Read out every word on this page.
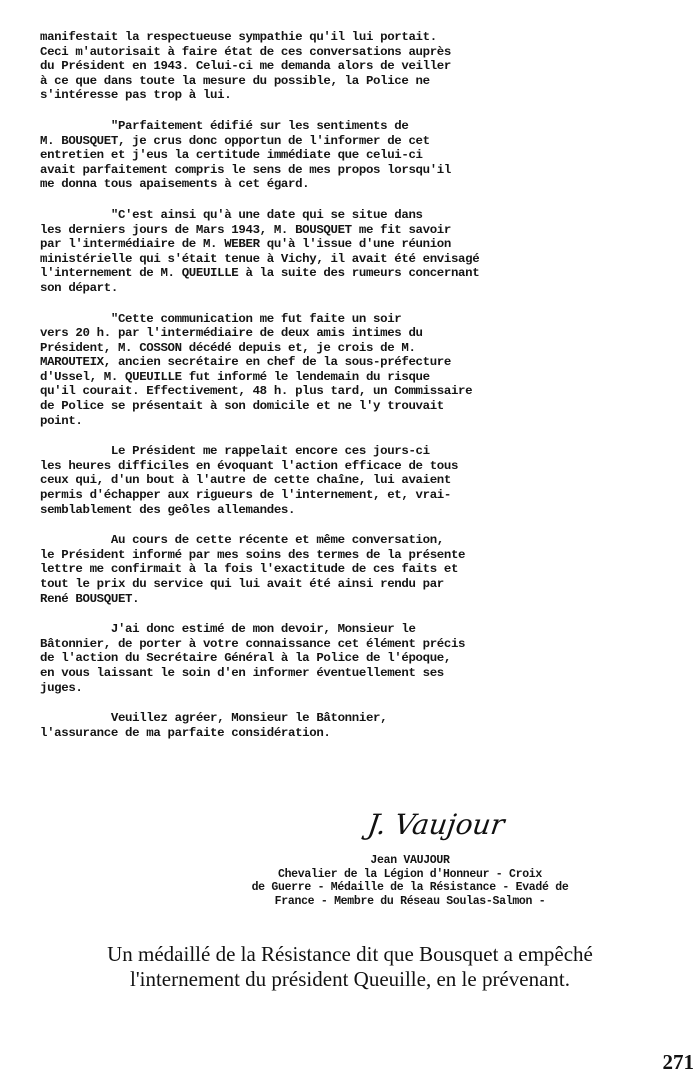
manifestait la respectueuse sympathie qu'il lui portait.

Ceci m'autorisait à faire état de ces conversations auprès

du Président en 1943. Celui-ci me demanda alors de veiller

à ce que dans toute la mesure du possible, la Police ne

s'intéresse pas trop à lui.

"Parfaitement édifié sur les sentiments de

M. BOUSQUET, je crus donc opportun de l'informer de cet

entretien et j'eus la certitude immédiate que celui-ci

avait parfaitement compris le sens de mes propos lorsqu'il

me donna tous apaisements à cet égard.

"C'est ainsi qu'à une date qui se situe dans

les derniers jours de Mars 1943, M. BOUSQUET me fit savoir

par l'intermédiaire de M. WEBER qu'à l'issue d'une réunion

ministérielle qui s'était tenue à Vichy, il avait été envisagé

l'internement de M. QUEUILLE à la suite des rumeurs concernant

son départ.

"Cette communication me fut faite un soir

vers 20 h. par l'intermédiaire de deux amis intimes du

Président, M. COSSON décédé depuis et, je crois de M.

MAROUTEIX, ancien secrétaire en chef de la sous-préfecture

d'Ussel, M. QUEUILLE fut informé le lendemain du risque

qu'il courait. Effectivement, 48 h. plus tard, un Commissaire

de Police se présentait à son domicile et ne l'y trouvait

point.

Le Président me rappelait encore ces jours-ci

les heures difficiles en évoquant l'action efficace de tous

ceux qui, d'un bout à l'autre de cette chaîne, lui avaient

permis d'échapper aux rigueurs de l'internement, et, vrai-

semblablement des geôles allemandes.

Au cours de cette récente et même conversation,

le Président informé par mes soins des termes de la présente

lettre me confirmait à la fois l'exactitude de ces faits et

tout le prix du service qui lui avait été ainsi rendu par

René BOUSQUET.

J'ai donc estimé de mon devoir, Monsieur le

Bâtonnier, de porter à votre connaissance cet élément précis

de l'action du Secrétaire Général à la Police de l'époque,

en vous laissant le soin d'en informer éventuellement ses

juges.

Veuillez agréer, Monsieur le Bâtonnier,

l'assurance de ma parfaite considération.

J. Vaujour
Jean VAUJOUR
Chevalier de la Légion d'Honneur - Croix
de Guerre - Médaille de la Résistance - Evadé de
France - Membre du Réseau Soulas-Salmon -
Un médaillé de la Résistance dit que Bousquet a empêché
l'internement du président Queuille, en le prévenant.
271
